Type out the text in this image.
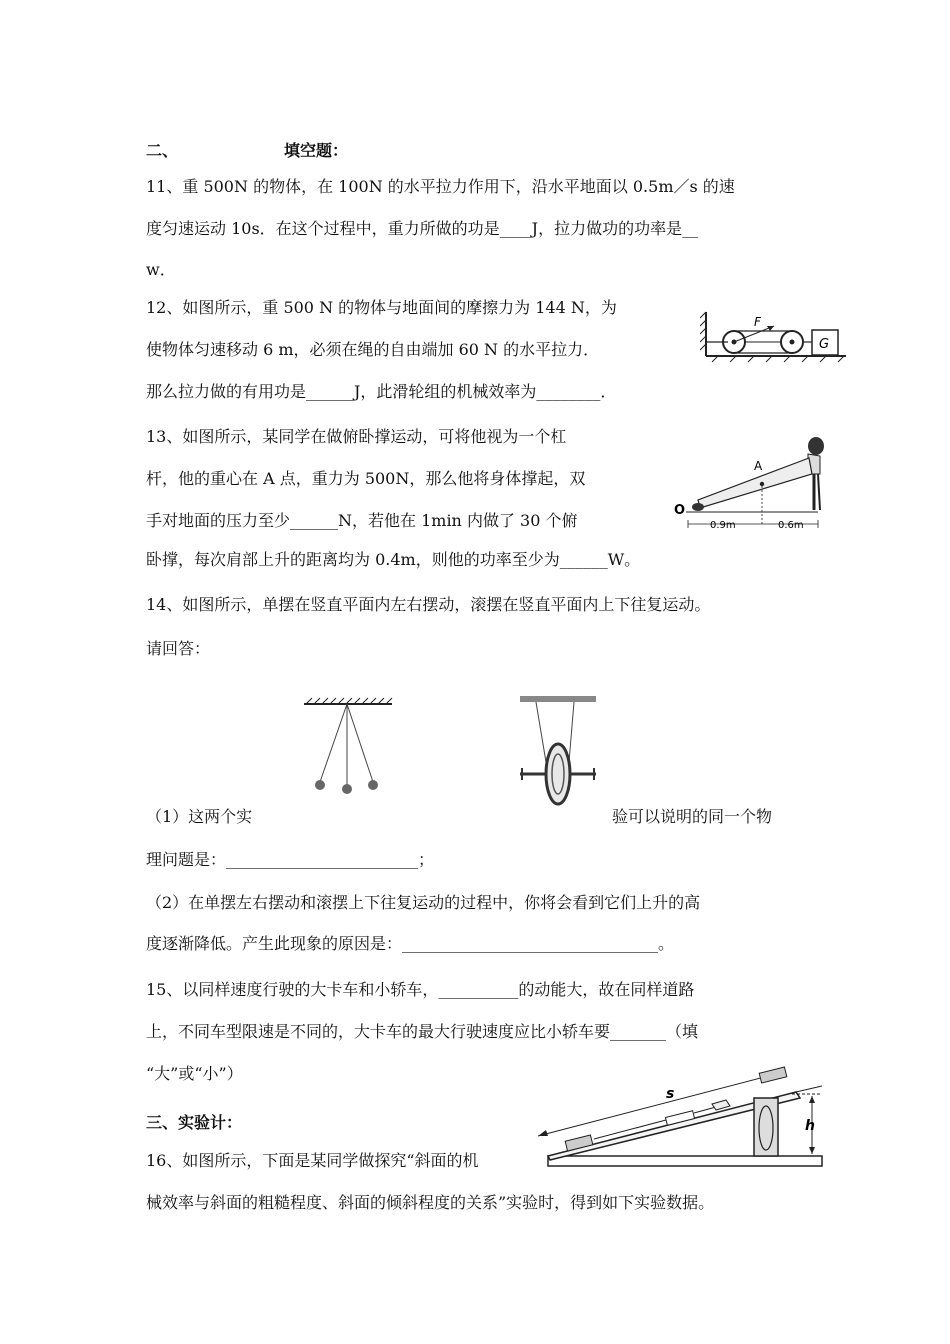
二、	填空题：
11、重 500N 的物体，在 100N 的水平拉力作用下，沿水平地面以 0.5m／s 的速
度匀速运动 10s．在这个过程中，重力所做的功是____J，拉力做功的功率是__
w．
12、如图所示，重 500 N 的物体与地面间的摩擦力为 144 N，为
使物体匀速移动 6 m，必须在绳的自由端加 60 N 的水平拉力．
那么拉力做的有用功是______J，此滑轮组的机械效率为________．
F
G
13、如图所示，某同学在做俯卧撑运动，可将他视为一个杠
杆，他的重心在 A 点，重力为 500N，那么他将身体撑起，双
手对地面的压力至少______N，若他在 1min 内做了 30 个俯
卧撑，每次肩部上升的距离均为 0.4m，则他的功率至少为______W。
A
O
0.9m	0.6m
14、如图所示，单摆在竖直平面内左右摆动，滚摆在竖直平面内上下往复运动。
请回答：
（1）这两个实	验可以说明的同一个物
理问题是：________________________；
（2）在单摆左右摆动和滚摆上下往复运动的过程中，你将会看到它们上升的高
度逐渐降低。产生此现象的原因是：________________________________。
15、以同样速度行驶的大卡车和小轿车，__________的动能大，故在同样道路
上，不同车型限速是不同的，大卡车的最大行驶速度应比小轿车要_______（填
“大”或“小”）
三、实验计：
16、如图所示，下面是某同学做探究“斜面的机
械效率与斜面的粗糙程度、斜面的倾斜程度的关系”实验时，得到如下实验数据。
h
s
